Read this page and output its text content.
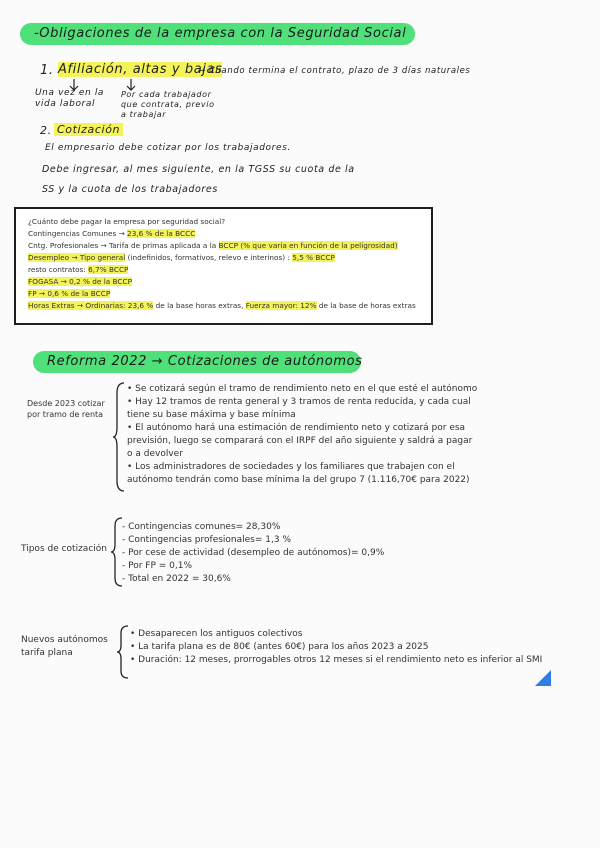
-Obligaciones de la empresa con la Seguridad Social
1. Afiliación, altas y bajas
→ Cuando termina el contrato, plazo de 3 días naturales
Una vez en la
vida laboral
Por cada trabajador
que contrata, previo
a trabajar
2. Cotización
El empresario debe cotizar por los trabajadores.
Debe ingresar, al mes siguiente, en la TGSS su cuota de la
SS y la cuota de los trabajadores
¿Cuánto debe pagar la empresa por seguridad social?
Contingencias Comunes → 23,6 % de la BCCC
Cntg. Profesionales → Tarifa de primas aplicada a la BCCP (% que varía en función de la peligrosidad)
Desempleo → Tipo general (indefinidos, formativos, relevo e interinos) : 5,5 % BCCP
resto contratos: 6,7% BCCP
FOGASA → 0,2 % de la BCCP
FP → 0,6 % de la BCCP
Horas Extras → Ordinarias: 23,6 % de la base horas extras, Fuerza mayor: 12% de la base de horas extras
Reforma 2022 → Cotizaciones de autónomos
Desde 2023 cotizar
por tramo de renta
• Se cotizará según el tramo de rendimiento neto en el que esté el autónomo
• Hay 12 tramos de renta general y 3 tramos de renta reducida, y cada cual
tiene su base máxima y base mínima
• El autónomo hará una estimación de rendimiento neto y cotizará por esa
previsión, luego se comparará con el IRPF del año siguiente y saldrá a pagar
o a devolver
• Los administradores de sociedades y los familiares que trabajen con el
autónomo tendrán como base mínima la del grupo 7 (1.116,70€ para 2022)
Tipos de cotización
- Contingencias comunes= 28,30%
- Contingencias profesionales= 1,3 %
- Por cese de actividad (desempleo de autónomos)= 0,9%
- Por FP = 0,1%
- Total en 2022 = 30,6%
Nuevos autónomos
tarifa plana
• Desaparecen los antiguos colectivos
• La tarifa plana es de 80€ (antes 60€) para los años 2023 a 2025
• Duración: 12 meses, prorrogables otros 12 meses si el rendimiento neto es inferior al SMI
